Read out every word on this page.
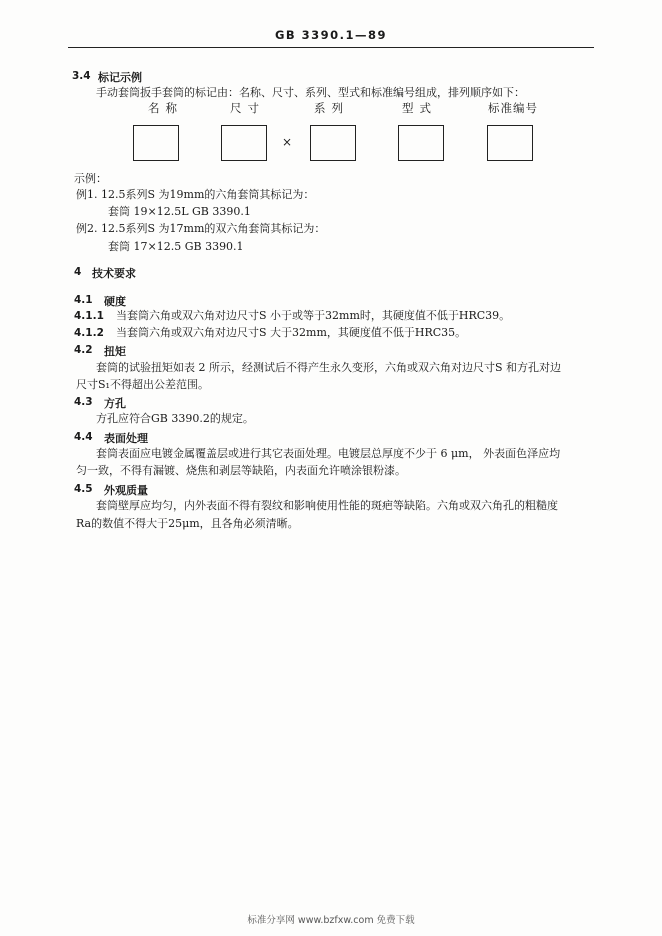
GB 3390.1—89
3.4 标记示例
手动套筒扳手套筒的标记由：名称、尺寸、系列、型式和标准编号组成，排列顺序如下：
名称	尺寸	系列	型式	标准编号
×
示例：
例1. 12.5系列S 为19mm的六角套筒其标记为：
套筒 19×12.5L GB 3390.1
例2. 12.5系列S 为17mm的双六角套筒其标记为：
套筒 17×12.5 GB 3390.1
4 技术要求
4.1 硬度
4.1.1 当套筒六角或双六角对边尺寸S 小于或等于32mm时，其硬度值不低于HRC39。
4.1.2 当套筒六角或双六角对边尺寸S 大于32mm，其硬度值不低于HRC35。
4.2 扭矩
套筒的试验扭矩如表 2 所示，经测试后不得产生永久变形，六角或双六角对边尺寸S 和方孔对边
尺寸S₁不得超出公差范围。
4.3 方孔
方孔应符合GB 3390.2的规定。
4.4 表面处理
套筒表面应电镀金属覆盖层或进行其它表面处理。电镀层总厚度不少于 6 μm， 外表面色泽应均
匀一致，不得有漏镀、烧焦和剥层等缺陷，内表面允许喷涂银粉漆。
4.5 外观质量
套筒壁厚应均匀，内外表面不得有裂纹和影响使用性能的斑疤等缺陷。六角或双六角孔的粗糙度
Ra的数值不得大于25μm，且各角必须清晰。
标准分享网 www.bzfxw.com 免费下载
